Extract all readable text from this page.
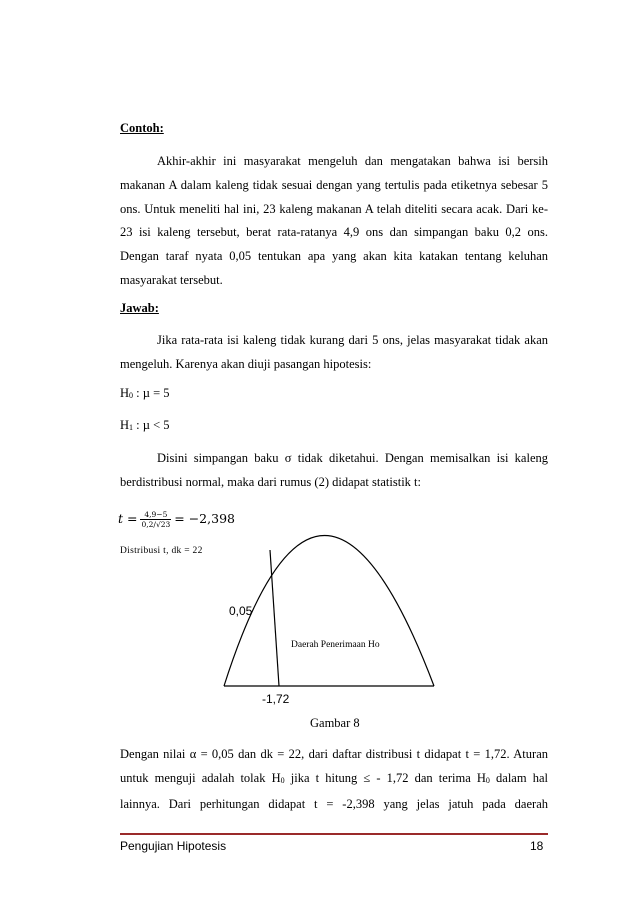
Contoh:
Akhir-akhir ini masyarakat mengeluh dan mengatakan bahwa isi bersih makanan A dalam kaleng tidak sesuai dengan yang tertulis pada etiketnya sebesar 5 ons. Untuk meneliti hal ini, 23 kaleng makanan A telah diteliti secara acak. Dari ke-23 isi kaleng tersebut, berat rata-ratanya 4,9 ons dan simpangan baku 0,2 ons. Dengan taraf nyata 0,05 tentukan apa yang akan kita katakan tentang keluhan masyarakat tersebut.
Jawab:
Jika rata-rata isi kaleng tidak kurang dari 5 ons, jelas masyarakat tidak akan mengeluh. Karenya akan diuji pasangan hipotesis:
$H_0$ : µ = 5
$H_1$ : µ < 5
Disini simpangan baku σ tidak diketahui. Dengan memisalkan isi kaleng berdistribusi normal, maka dari rumus (2) didapat statistik t:
$t = \frac{4,9-5}{0,2/√23} = -2,398$
Distribusi t, dk = 22
0,05
Daerah Penerimaan Ho
-1,72
Gambar 8
Dengan nilai α = 0,05 dan dk = 22, dari daftar distribusi t didapat t = 1,72. Aturan
untuk menguji adalah tolak $H_0$ jika t hitung ≤ - 1,72 dan terima $H_0$ dalam hal
lainnya. Dari perhitungan didapat t = -2,398 yang jelas jatuh pada daerah
Pengujian Hipotesis	18
